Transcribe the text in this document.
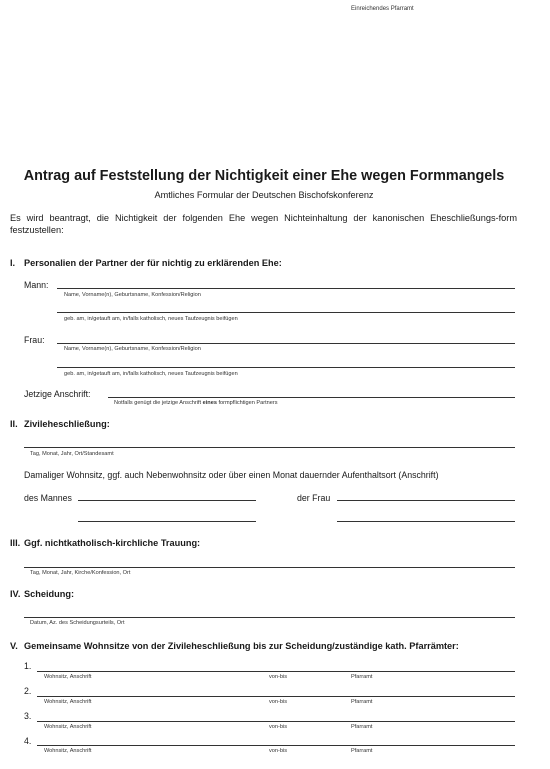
Einreichendes Pfarramt
Antrag auf Feststellung der Nichtigkeit einer Ehe wegen Formmangels
Amtliches Formular der Deutschen Bischofskonferenz
Es wird beantragt, die Nichtigkeit der folgenden Ehe wegen Nichteinhaltung der kanonischen Eheschließungs-form festzustellen:
I. Personalien der Partner der für nichtig zu erklärenden Ehe:
Mann:
Name, Vorname(n), Geburtsname, Konfession/Religion
geb. am, in/getauft am, in/falls katholisch, neues Taufzeugnis beifügen
Frau:
Name, Vorname(n), Geburtsname, Konfession/Religion
geb. am, in/getauft am, in/falls katholisch, neues Taufzeugnis beifügen
Jetzige Anschrift:
Notfalls genügt die jetzige Anschrift eines formpflichtigen Partners
II. Zivileheschließung:
Tag, Monat, Jahr, Ort/Standesamt
Damaliger Wohnsitz, ggf. auch Nebenwohnsitz oder über einen Monat dauernder Aufenthaltsort (Anschrift)
des Mannes	der Frau
III. Ggf. nichtkatholisch-kirchliche Trauung:
Tag, Monat, Jahr, Kirche/Konfession, Ort
IV. Scheidung:
Datum, Az. des Scheidungsurteils, Ort
V. Gemeinsame Wohnsitze von der Zivileheschließung bis zur Scheidung/zuständige kath. Pfarrämter:
1.
Wohnsitz, Anschrift	von-bis	Pfarramt
2.
Wohnsitz, Anschrift	von-bis	Pfarramt
3.
Wohnsitz, Anschrift	von-bis	Pfarramt
4.
Wohnsitz, Anschrift	von-bis	Pfarramt
